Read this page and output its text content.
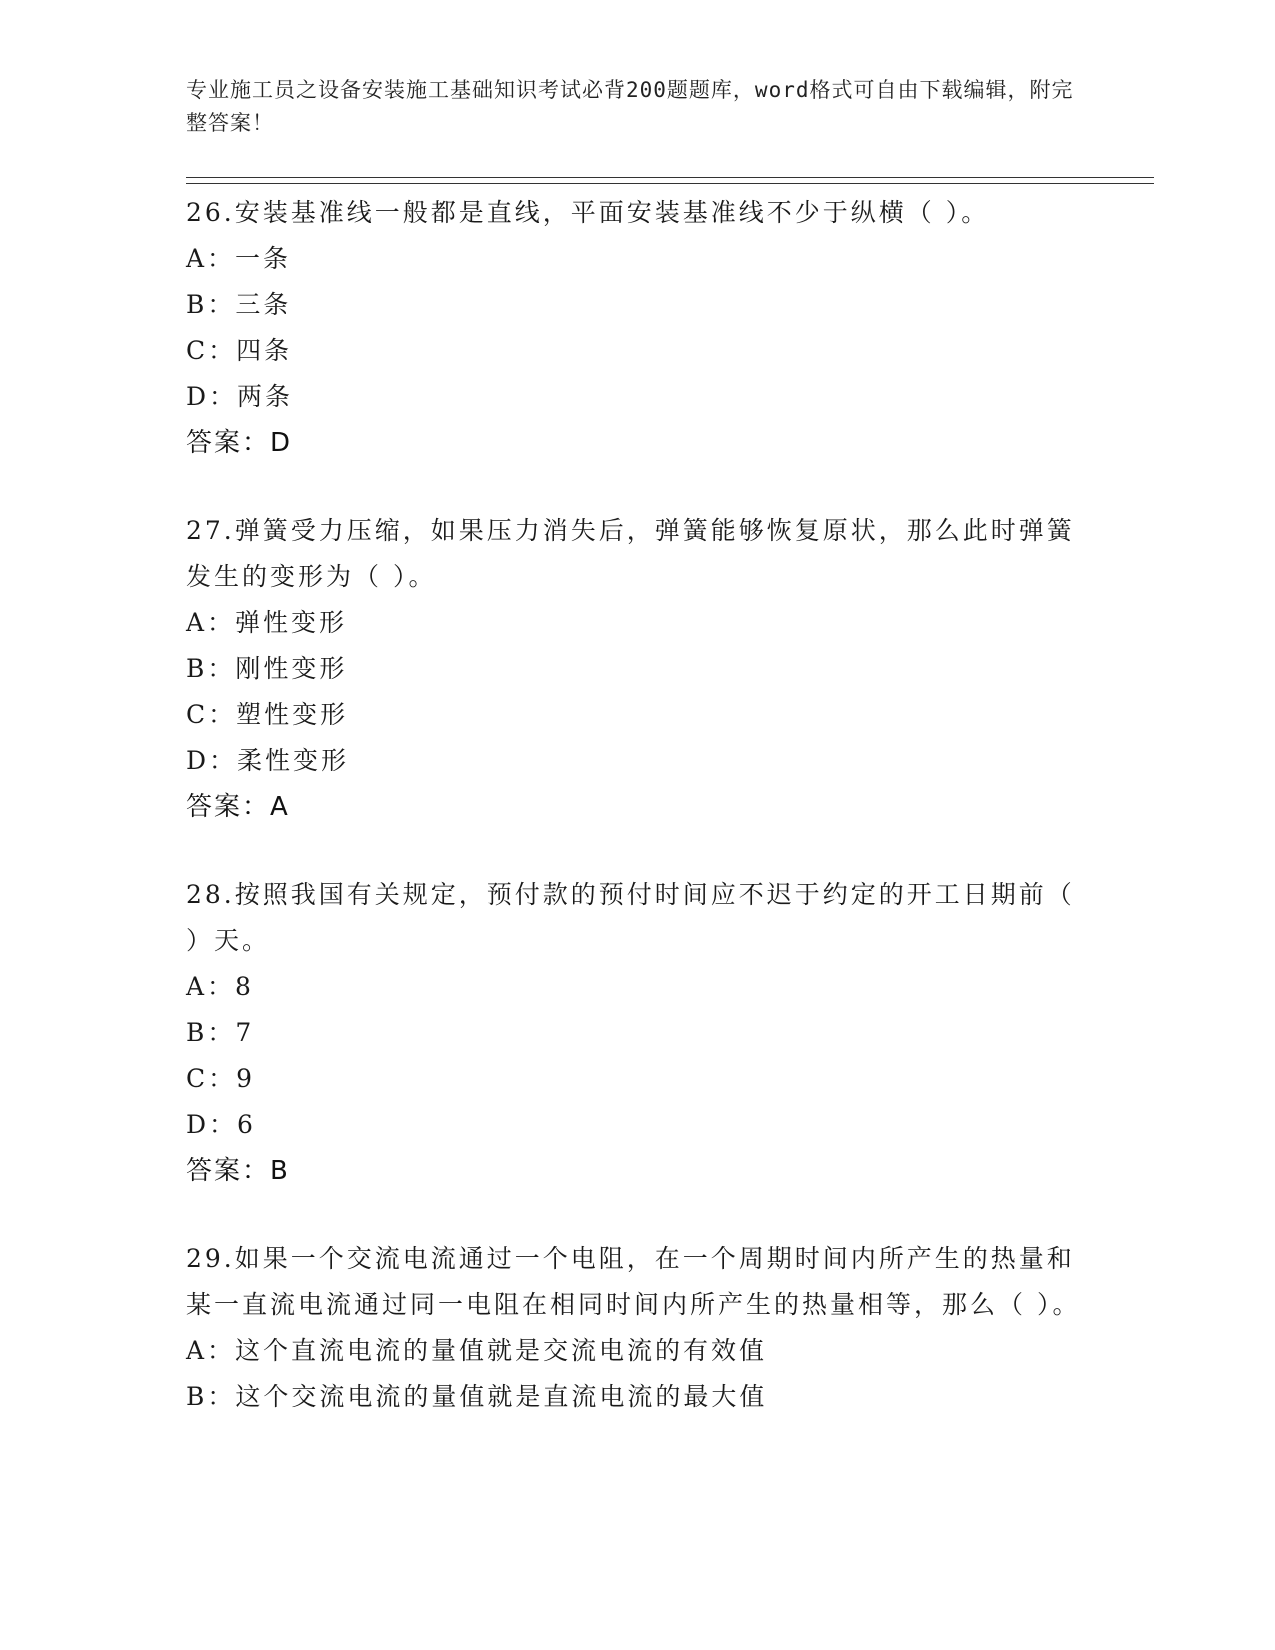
专业施工员之设备安装施工基础知识考试必背200题题库，word格式可自由下载编辑，附完整答案！

26.安装基准线一般都是直线，平面安装基准线不少于纵横（ ）。

A：一条

B：三条

C：四条

D：两条

答案：D

27.弹簧受力压缩，如果压力消失后，弹簧能够恢复原状，那么此时弹簧发生的变形为（ ）。

A：弹性变形

B：刚性变形

C：塑性变形

D：柔性变形

答案：A

28.按照我国有关规定，预付款的预付时间应不迟于约定的开工日期前（ ）天。

A：8

B：7

C：9

D：6

答案：B

29.如果一个交流电流通过一个电阻，在一个周期时间内所产生的热量和某一直流电流通过同一电阻在相同时间内所产生的热量相等，那么（ ）。

A：这个直流电流的量值就是交流电流的有效值

B：这个交流电流的量值就是直流电流的最大值
